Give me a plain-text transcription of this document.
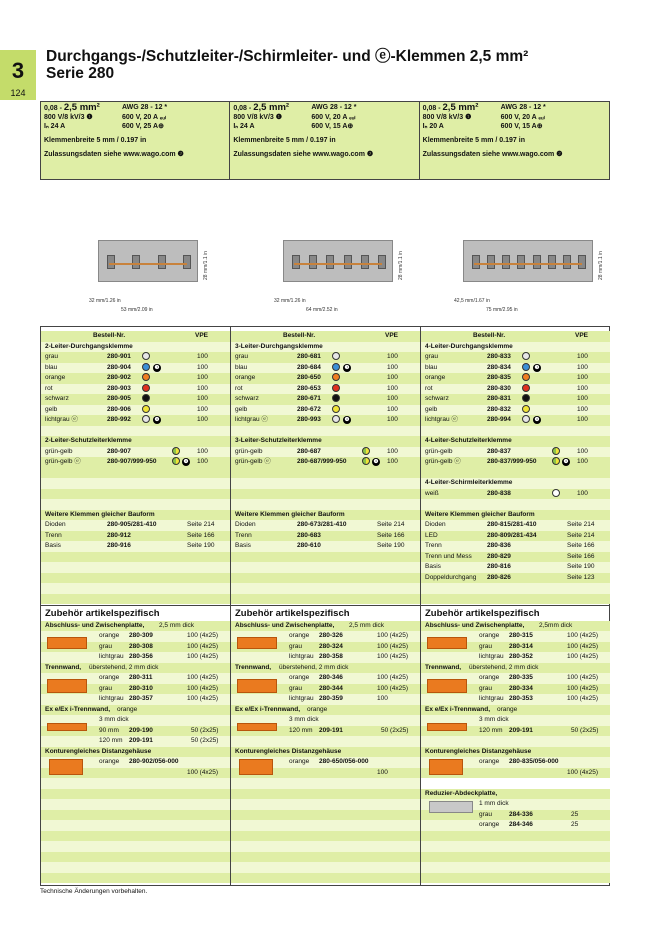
3
124
Durchgangs-/Schutzleiter-/Schirmleiter- und ⓔ-Klemmen 2,5 mm²
Serie 280
0,08 - 2,5 mm²	AWG 28 - 12 *
800 V/8 kV/3 ❶	600 V, 20 A ₑᵤₗ
Iₙ 24 A	600 V, 25 A⊕
Klemmenbreite 5 mm / 0.197 in
Zulassungsdaten siehe www.wago.com ❷
0,08 - 2,5 mm²	AWG 28 - 12 *
800 V/8 kV/3 ❶	600 V, 20 A ₑᵤₗ
Iₙ 24 A	600 V, 15 A⊕
Klemmenbreite 5 mm / 0.197 in
Zulassungsdaten siehe www.wago.com ❷
0,08 - 2,5 mm²	AWG 28 - 12 *
800 V/8 kV/3 ❶	600 V, 20 A ₑᵤₗ
Iₙ 20 A	600 V, 15 A⊕
Klemmenbreite 5 mm / 0.197 in
Zulassungsdaten siehe www.wago.com ❷
28 mm/1.1 in
32 mm/1.26 in
53 mm/2.09 in
28 mm/1.1 in
32 mm/1.26 in
64 mm/2.52 in
28 mm/1.1 in
42,5 mm/1.67 in
75 mm/2.95 in
Bestell-Nr.	VPE
2-Leiter-Durchgangsklemme
grau	280-901	100
blau	280-904	❸	100
orange	280-902	100
rot	280-903	100
schwarz	280-905	100
gelb	280-906	100
lichtgrau ⓔ	280-992	❹	100
2-Leiter-Schutzleiterklemme
grün-gelb	280-907	100
grün-gelb ⓔ	280-907/999-950	❹ 100
Weitere Klemmen gleicher Bauform
Dioden	280-905/281-410	Seite 214
Trenn	280-912	Seite 166
Basis	280-916	Seite 190
Zubehör artikelspezifisch
Abschluss- und Zwischenplatte, 2,5 mm dick
orange 280-309	100 (4x25)
grau	280-308	100 (4x25)
lichtgrau 280-356	100 (4x25)
Trennwand, überstehend, 2 mm dick
orange 280-311	100 (4x25)
grau	280-310	100 (4x25)
lichtgrau 280-357	100 (4x25)
Ex e/Ex i-Trennwand, orange
3 mm dick
90 mm 209-190	50 (2x25)
120 mm 209-191	50 (2x25)
Konturengleiches Distanzgehäuse
orange 280-902/056-000
100 (4x25)
Bestell-Nr.	VPE
3-Leiter-Durchgangsklemme
grau	280-681	100
blau	280-684	❸	100
orange	280-650	100
rot	280-653	100
schwarz	280-671	100
gelb	280-672	100
lichtgrau ⓔ	280-993	❹	100
3-Leiter-Schutzleiterklemme
grün-gelb	280-687	100
grün-gelb ⓔ	280-687/999-950	❹ 100
Weitere Klemmen gleicher Bauform
Dioden	280-673/281-410	Seite 214
Trenn	280-683	Seite 166
Basis	280-610	Seite 190
Zubehör artikelspezifisch
Abschluss- und Zwischenplatte, 2,5 mm dick
orange 280-326	100 (4x25)
grau	280-324	100 (4x25)
lichtgrau 280-358	100 (4x25)
Trennwand, überstehend, 2 mm dick
orange 280-346	100 (4x25)
grau	280-344	100 (4x25)
lichtgrau 280-359	100
Ex e/Ex i-Trennwand, orange
3 mm dick
120 mm 209-191	50 (2x25)
Konturengleiches Distanzgehäuse
orange 280-650/056-000
100
Bestell-Nr.	VPE
4-Leiter-Durchgangsklemme
grau	280-833	100
blau	280-834	❸	100
orange	280-835	100
rot	280-830	100
schwarz	280-831	100
gelb	280-832	100
lichtgrau ⓔ	280-994	❹	100
4-Leiter-Schutzleiterklemme
grün-gelb	280-837	100
grün-gelb ⓔ	280-837/999-950	❹ 100
4-Leiter-Schirmleiterklemme
weiß	280-838	100
Weitere Klemmen gleicher Bauform
Dioden	280-815/281-410	Seite 214
LED	280-809/281-434	Seite 214
Trenn	280-836	Seite 166
Trenn und Mess 280-829	Seite 166
Basis	280-816	Seite 190
Doppeldurchgang 280-826	Seite 123
Zubehör artikelspezifisch
Abschluss- und Zwischenplatte, 2,5mm dick
orange 280-315	100 (4x25)
grau	280-314	100 (4x25)
lichtgrau 280-352	100 (4x25)
Trennwand, überstehend, 2 mm dick
orange 280-335	100 (4x25)
grau	280-334	100 (4x25)
lichtgrau 280-353	100 (4x25)
Ex e/Ex i-Trennwand, orange
3 mm dick
120 mm 209-191	50 (2x25)
Konturengleiches Distanzgehäuse
orange 280-835/056-000
100 (4x25)
Reduzier-Abdeckplatte,
1 mm dick
grau	284-336	25
orange 284-346	25
Technische Änderungen vorbehalten.
